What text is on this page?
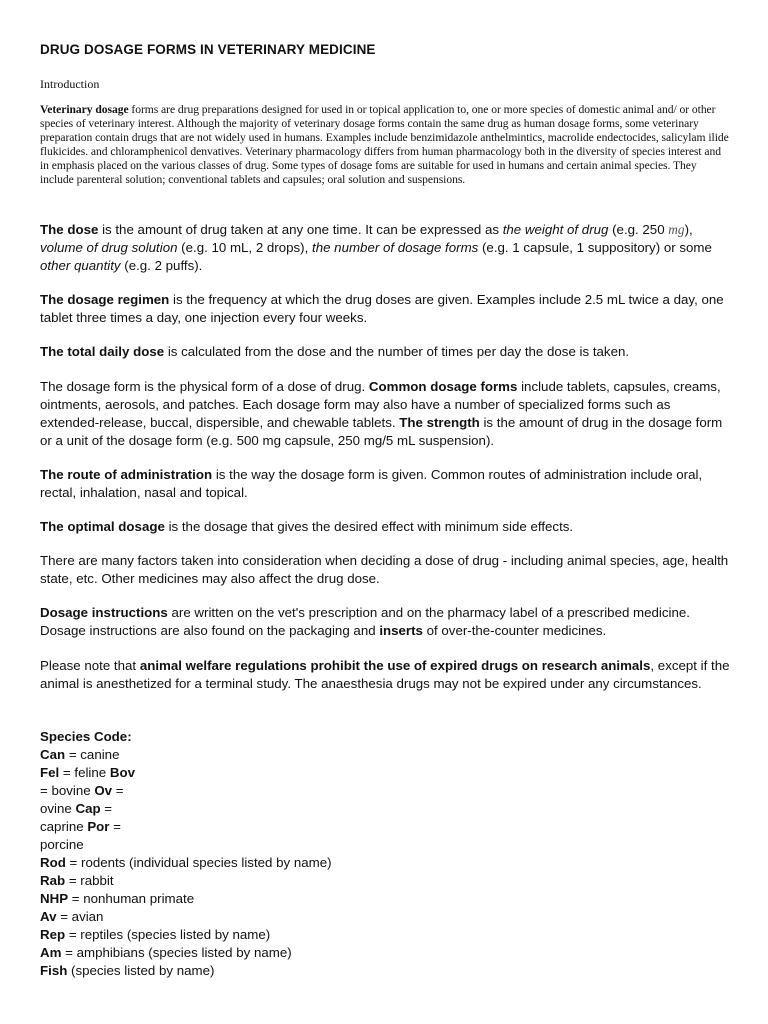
DRUG DOSAGE FORMS IN VETERINARY MEDICINE
Introduction
Veterinary dosage forms are drug preparations designed for used in or topical application to, one or more species of domestic animal and/ or other species of veterinary interest. Although the majority of veterinary dosage forms contain the same drug as human dosage forms, some veterinary preparation contain drugs that are not widely used in humans. Examples include benzimidazole anthelmintics, macrolide endectocides, salicylam ilide flukicides. and chloramphenicol denvatives. Veterinary pharmacology differs from human pharmacology both in the diversity of species interest and in emphasis placed on the various classes of drug. Some types of dosage foms are suitable for used in humans and certain animal species. They include parenteral solution; conventional tablets and capsules; oral solution and suspensions.

The dose is the amount of drug taken at any one time. It can be expressed as the weight of drug (e.g. 250 mg), volume of drug solution (e.g. 10 mL, 2 drops), the number of dosage forms (e.g. 1 capsule, 1 suppository) or some other quantity (e.g. 2 puffs).

The dosage regimen is the frequency at which the drug doses are given. Examples include 2.5 mL twice a day, one tablet three times a day, one injection every four weeks.

The total daily dose is calculated from the dose and the number of times per day the dose is taken.

The dosage form is the physical form of a dose of drug. Common dosage forms include tablets, capsules, creams, ointments, aerosols, and patches. Each dosage form may also have a number of specialized forms such as extended-release, buccal, dispersible, and chewable tablets. The strength is the amount of drug in the dosage form or a unit of the dosage form (e.g. 500 mg capsule, 250 mg/5 mL suspension).

The route of administration is the way the dosage form is given. Common routes of administration include oral, rectal, inhalation, nasal and topical.

The optimal dosage is the dosage that gives the desired effect with minimum side effects.

There are many factors taken into consideration when deciding a dose of drug - including animal species, age, health state, etc. Other medicines may also affect the drug dose.

Dosage instructions are written on the vet's prescription and on the pharmacy label of a prescribed medicine. Dosage instructions are also found on the packaging and inserts of over-the-counter medicines.

Please note that animal welfare regulations prohibit the use of expired drugs on research animals, except if the animal is anesthetized for a terminal study. The anaesthesia drugs may not be expired under any circumstances.

Species Code:
Can = canine
Fel = feline Bov
= bovine Ov =
ovine Cap =
caprine Por =
porcine
Rod = rodents (individual species listed by name)
Rab = rabbit
NHP = nonhuman primate
Av = avian
Rep = reptiles (species listed by name)
Am = amphibians (species listed by name)
Fish (species listed by name)
